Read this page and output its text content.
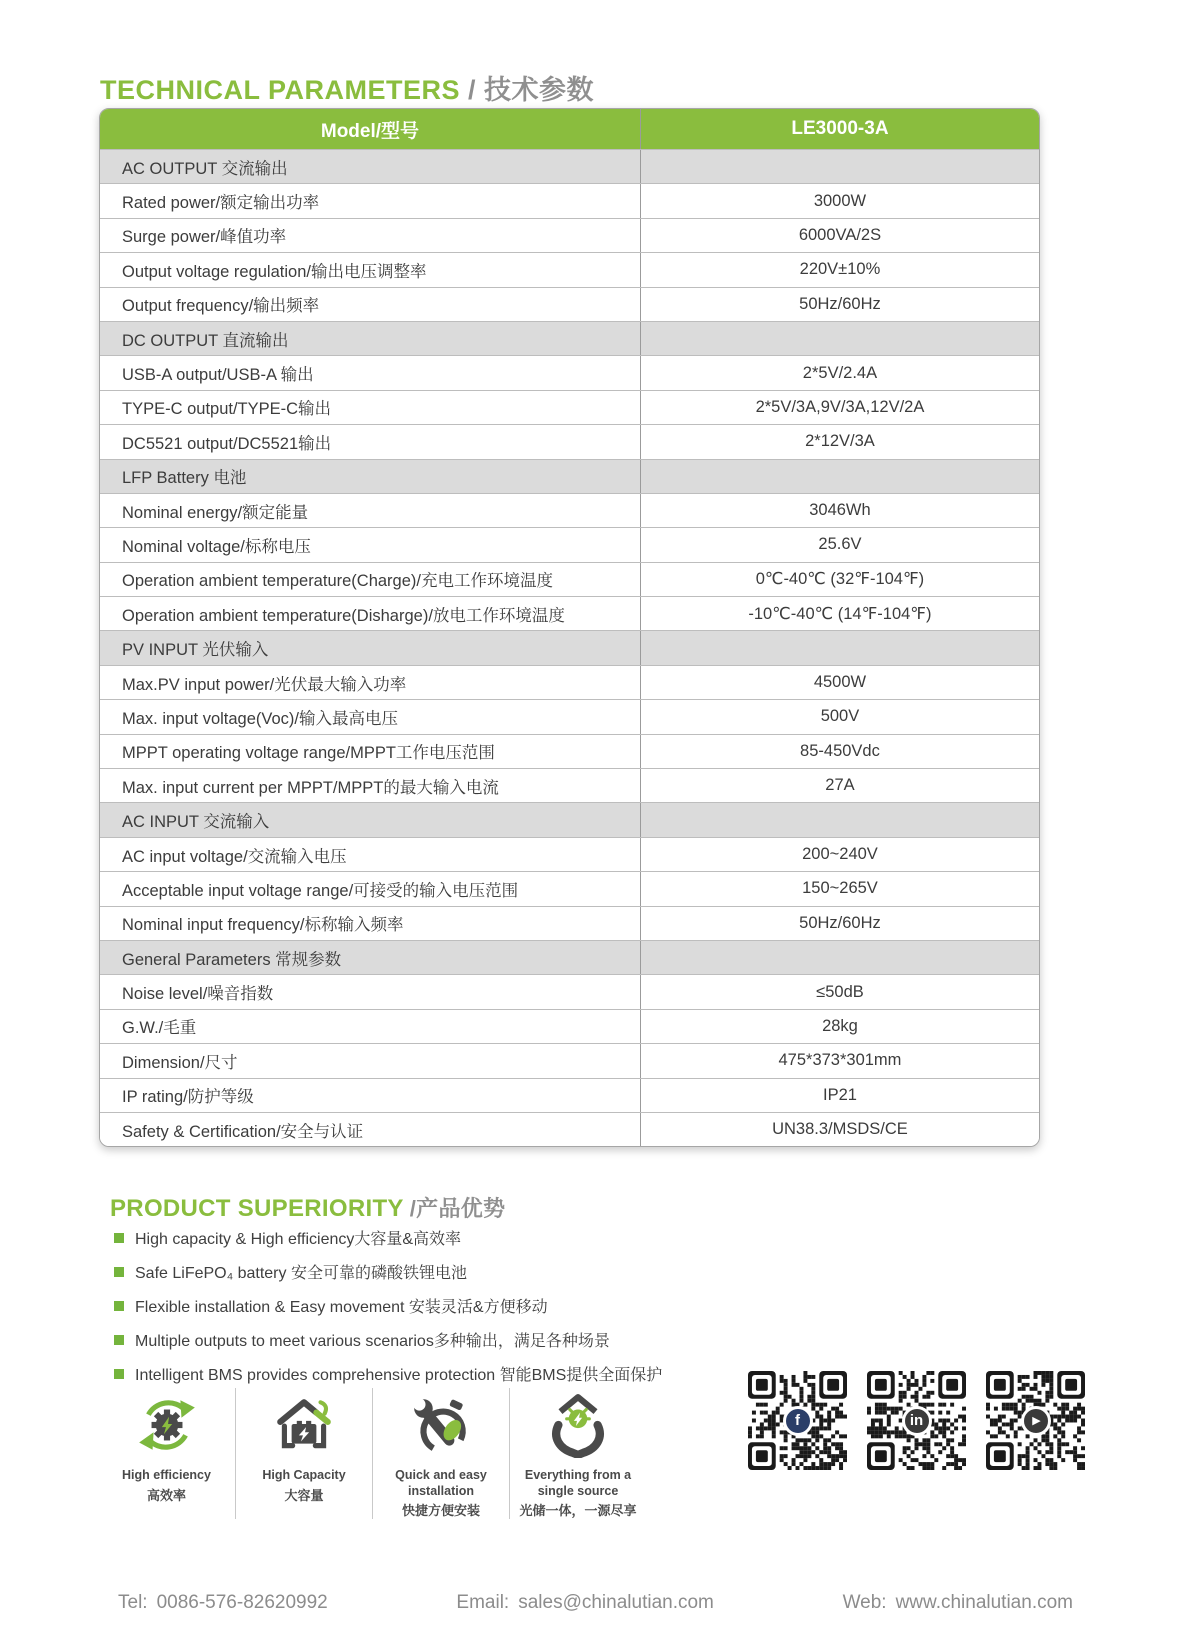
TECHNICAL PARAMETERS / 技术参数
Model/型号	LE3000-3A
AC OUTPUT 交流输出
Rated power/额定输出功率	3000W
Surge power/峰值功率	6000VA/2S
Output voltage regulation/输出电压调整率	220V±10%
Output frequency/输出频率	50Hz/60Hz
DC OUTPUT 直流输出
USB-A output/USB-A 输出	2*5V/2.4A
TYPE-C output/TYPE-C输出	2*5V/3A,9V/3A,12V/2A
DC5521 output/DC5521输出	2*12V/3A
LFP Battery 电池
Nominal energy/额定能量	3046Wh
Nominal voltage/标称电压	25.6V
Operation ambient temperature(Charge)/充电工作环境温度	0℃-40℃ (32℉-104℉)
Operation ambient temperature(Disharge)/放电工作环境温度	-10℃-40℃ (14℉-104℉)
PV INPUT 光伏输入
Max.PV input power/光伏最大输入功率	4500W
Max. input voltage(Voc)/输入最高电压	500V
MPPT operating voltage range/MPPT工作电压范围	85-450Vdc
Max. input current per MPPT/MPPT的最大输入电流	27A
AC INPUT 交流输入
AC input voltage/交流输入电压	200~240V
Acceptable input voltage range/可接受的输入电压范围	150~265V
Nominal input frequency/标称输入频率	50Hz/60Hz
General Parameters 常规参数
Noise level/噪音指数	≤50dB
G.W./毛重	28kg
Dimension/尺寸	475*373*301mm
IP rating/防护等级	IP21
Safety & Certification/安全与认证	UN38.3/MSDS/CE
PRODUCT SUPERIORITY /产品优势
High capacity & High efficiency大容量&高效率
Safe LiFePO₄ battery 安全可靠的磷酸铁锂电池
Flexible installation & Easy movement 安装灵活&方便移动
Multiple outputs to meet various scenarios多种输出，满足各种场景
Intelligent BMS provides comprehensive protection 智能BMS提供全面保护
f	in	▶
High efficiency
高效率
High Capacity
大容量
Quick and easy installation
快捷方便安装
Everything from a single source
光储一体，一源尽享
Tel: 0086-576-82620992	Email: sales@chinalutian.com	Web: www.chinalutian.com
